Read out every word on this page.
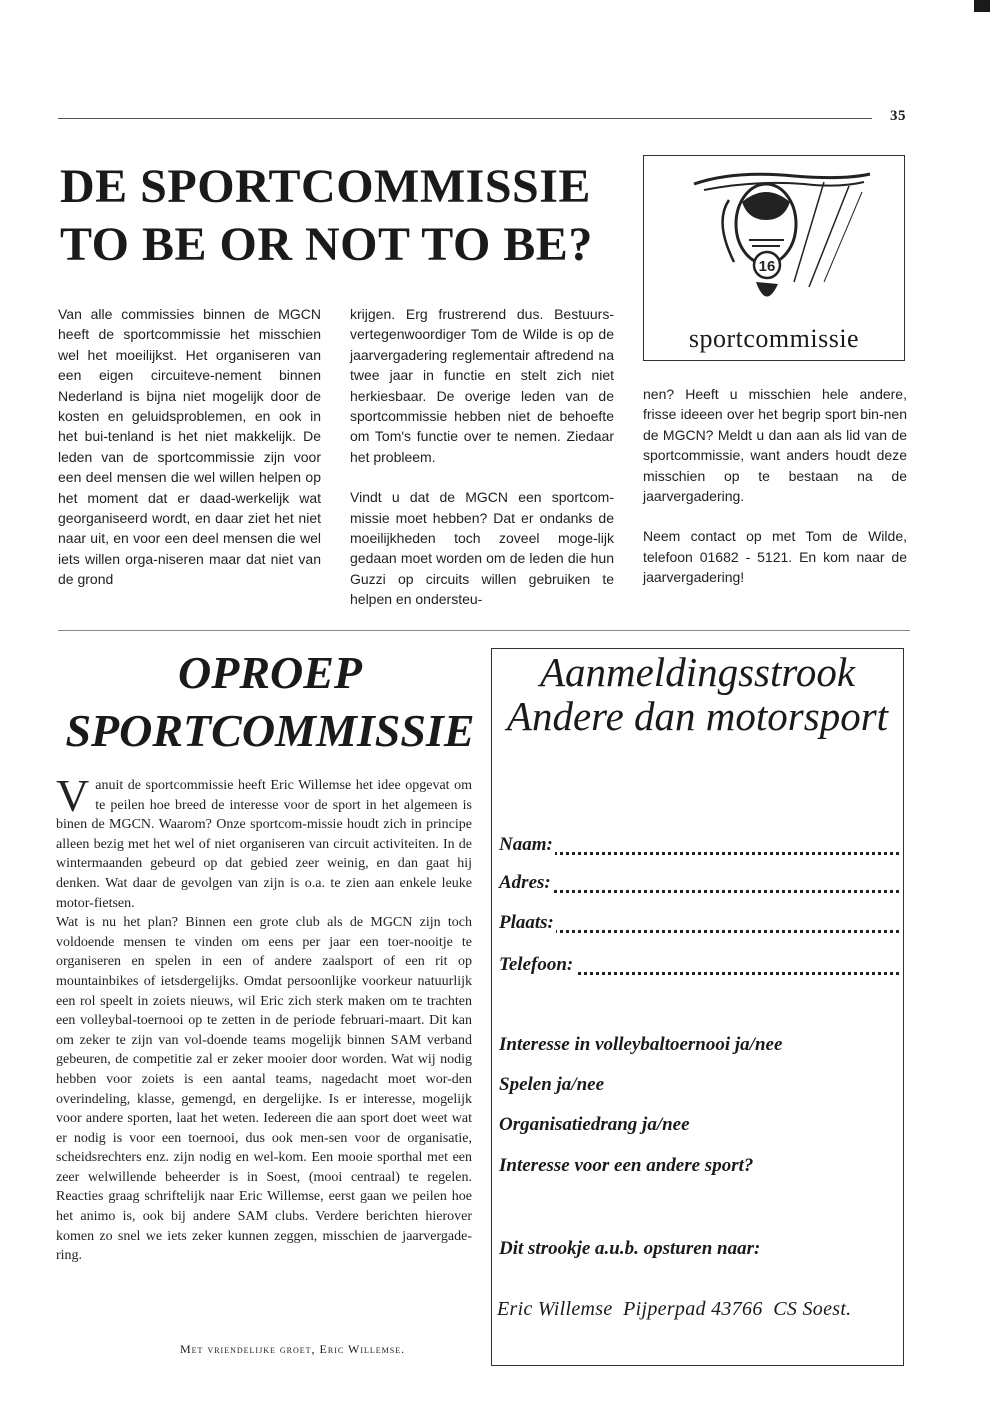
35
DE SPORTCOMMISSIE
TO BE OR NOT TO BE?	16
sportcommissie

Van alle commissies binnen de MGCN heeft de sportcommissie het misschien wel het moeilijkst. Het organiseren van een eigen circuiteve-nement binnen Nederland is bijna niet mogelijk door de kosten en geluidsproblemen, en ook in het bui-tenland is het niet makkelijk. De leden van de sportcommissie zijn voor een deel mensen die wel willen helpen op het moment dat er daad-werkelijk wat georganiseerd wordt, en daar ziet het niet naar uit, en voor een deel mensen die wel iets willen orga-niseren maar dat niet van de grond

krijgen. Erg frustrerend dus. Bestuurs-vertegenwoordiger Tom de Wilde is op de jaarvergadering reglementair aftredend na twee jaar in functie en stelt zich niet herkiesbaar. De overige leden van de sportcommissie hebben niet de behoefte om Tom's functie over te nemen. Ziedaar het probleem.

Vindt u dat de MGCN een sportcom-missie moet hebben? Dat er ondanks de moeilijkheden toch zoveel moge-lijk gedaan moet worden om de leden die hun Guzzi op circuits willen gebruiken te helpen en ondersteu-

nen? Heeft u misschien hele andere, frisse ideeen over het begrip sport bin-nen de MGCN? Meldt u dan aan als lid van de sportcommissie, want anders houdt deze misschien op te bestaan na de jaarvergadering.

Neem contact op met Tom de Wilde, telefoon 01682 - 5121. En kom naar de jaarvergadering!

OPROEP
SPORTCOMMISSIE

Vanuit de sportcommissie heeft Eric Willemse het idee opgevat om te peilen hoe breed de interesse voor de sport in het algemeen is binen de MGCN. Waarom? Onze sportcom-missie houdt zich in principe alleen bezig met het wel of niet organiseren van circuit activiteiten. In de wintermaanden gebeurd op dat gebied zeer weinig, en dan gaat hij denken. Wat daar de gevolgen van zijn is o.a. te zien aan enkele leuke motor-fietsen.

Wat is nu het plan? Binnen een grote club als de MGCN zijn toch voldoende mensen te vinden om eens per jaar een toer-nooitje te organiseren en spelen in een of andere zaalsport of een rit op mountainbikes of ietsdergelijks. Omdat persoonlijke voorkeur natuurlijk een rol speelt in zoiets nieuws, wil Eric zich sterk maken om te trachten een volleybal-toernooi op te zetten in de periode februari-maart. Dit kan om zeker te zijn van vol-doende teams mogelijk binnen SAM verband gebeuren, de competitie zal er zeker mooier door worden. Wat wij nodig hebben voor zoiets is een aantal teams, nagedacht moet wor-den overindeling, klasse, gemengd, en dergelijke. Is er interesse, mogelijk voor andere sporten, laat het weten. Iedereen die aan sport doet weet wat er nodig is voor een toernooi, dus ook men-sen voor de organisatie, scheidsrechters enz. zijn nodig en wel-kom. Een mooie sporthal met een zeer welwillende beheerder is in Soest, (mooi centraal) te regelen. Reacties graag schriftelijk naar Eric Willemse, eerst gaan we peilen hoe het animo is, ook bij andere SAM clubs. Verdere berichten hierover komen zo snel we iets zeker kunnen zeggen, misschien de jaarvergade-ring.

Met vriendelijke groet, Eric Willemse.
Aanmeldingsstrook
Andere dan motorsport
Naam:
Adres:
Plaats:
Telefoon:
Interesse in volleybaltoernooi ja/nee
Spelen ja/nee
Organisatiedrang ja/nee
Interesse voor een andere sport?
Dit strookje a.u.b. opsturen naar:
Eric Willemse  Pijperpad 43766  CS Soest.
